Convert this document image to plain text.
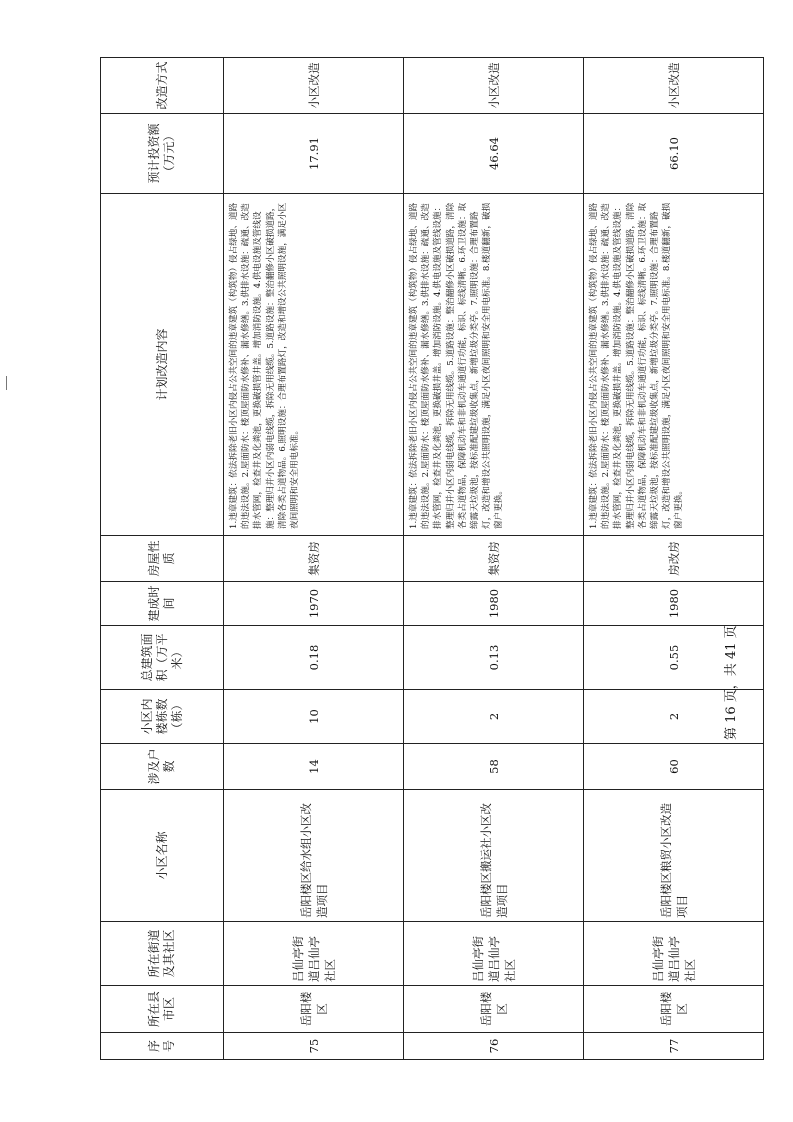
序号	所在县市区	所在街道及其社区	小区名称	涉及户数	小区内楼栋数（栋）	总建筑面积（万平米）	建成时间	房屋性质	计划改造内容	预计投资额（万元）	改造方式
75	岳阳楼区	吕仙亭街道吕仙亭社区	岳阳楼区给水组小区改造项目	14	10	0.18	1970	集资房	1.违章建筑：依法拆除老旧小区内侵占公共空间的违章建筑（构筑物）侵占绿地、道路的违法设施。2.屋面防水：楼顶屋面防水修补、漏水修缮。3.供排水设施：疏通、改造排水管网，检查井及化粪池，更换破损管井盖。增加消防设施。4.供电设施及管线设施：整理归并小区内弱电线缆，拆除无用线缆。5.道路设施：整治翻修小区破损道路，清除各类占道物品。6.照明设施：合理布置路灯，改造和增设公共照明设施，满足小区夜间照明和安全用电标准。	17.91	小区改造
76	岳阳楼区	吕仙亭街道吕仙亭社区	岳阳楼区搬运社小区改造项目	58	2	0.13	1980	集资房	1.违章建筑：依法拆除老旧小区内侵占公共空间的违章建筑（构筑物）侵占绿地、道路的违法设施。2.屋面防水：楼顶屋面防水修补、漏水修缮。3.供排水设施：疏通、改造排水管网，检查井及化粪池，更换破损井盖。增加消防设施。4.供电设施及管线设施：整理归并小区内弱电线缆，拆除无用线缆。5.道路设施：整治翻修小区破损道路，清除各类占道物品，保障机动车和非机动车通道行功能，标识、标线清晰。6.环卫设施：取缔露天垃圾池，按标准配建垃圾收集点，新增垃圾分类亭。7.照明设施：合理布置路灯，改造和增设公共照明设施，满足小区夜间照明和安全用电标准。8.楼道翻新，破损窗户更换。	46.64	小区改造
77	岳阳楼区	吕仙亭街道吕仙亭社区	岳阳楼区粮贸小区改造项目	60	2	0.55	1980	房改房	1.违章建筑：依法拆除老旧小区内侵占公共空间的违章建筑（构筑物）侵占绿地、道路的违法设施。2.屋面防水：楼顶屋面防水修补、漏水修缮。3.供排水设施：疏通、改造排水管网，检查井及化粪池，更换破损井盖。增加消防设施。4.供电设施及管线设施：整理归并小区内弱电线缆，拆除无用线缆。5.道路设施：整治翻修小区破损道路，清除各类占道物品，保障机动车和非机动车通道行功能，标识、标线清晰。6.环卫设施：取缔露天垃圾池，按标准配建垃圾收集点，新增垃圾分类亭。7.照明设施：合理布置路灯，改造和增设公共照明设施，满足小区夜间照明和安全用电标准。8.楼道翻新，破损窗户更换。	66.10	小区改造
第 16 页，共 41 页
